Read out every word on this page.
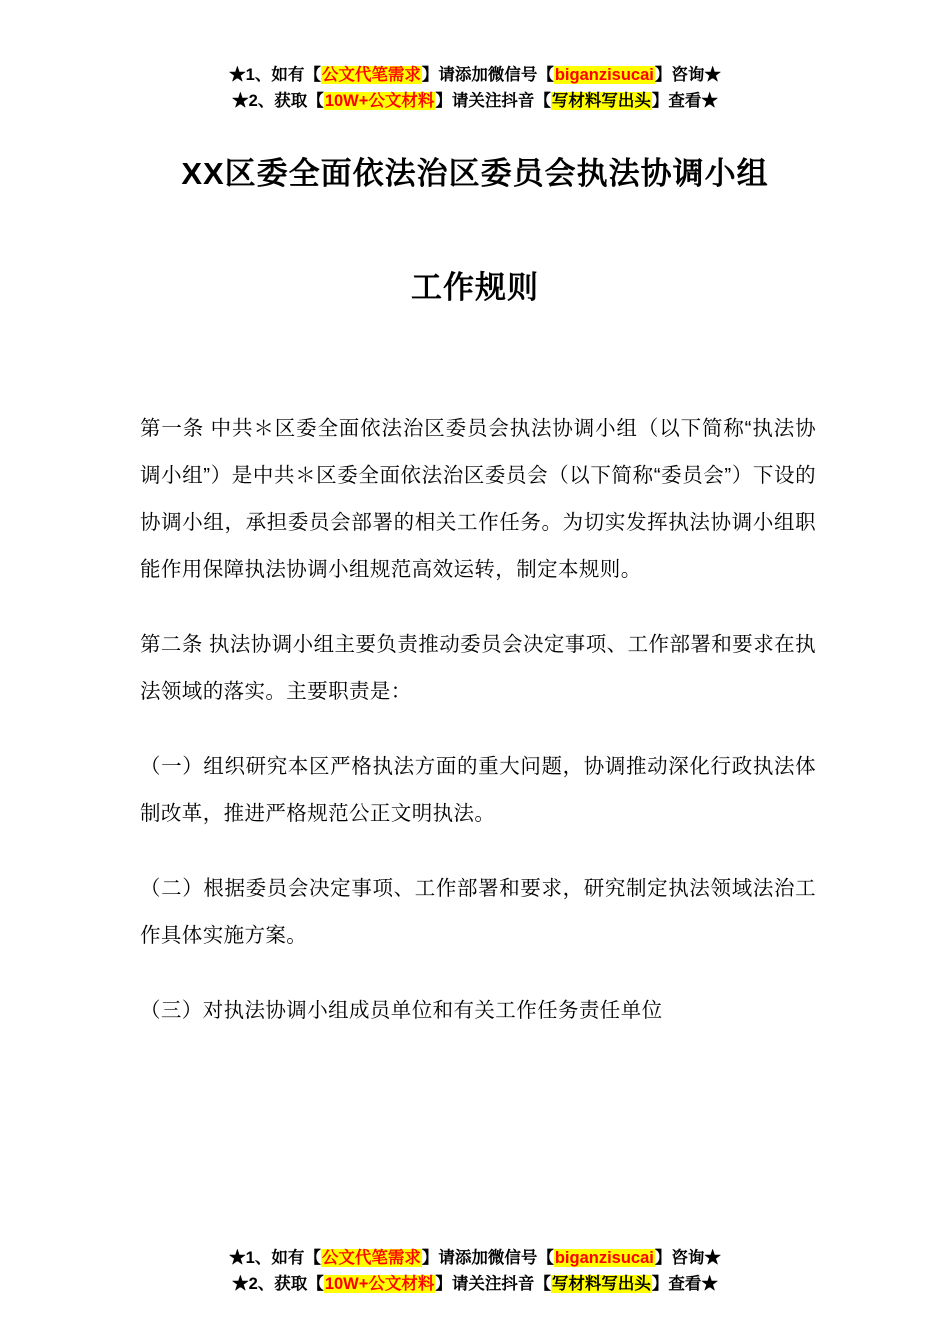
★1、如有【公文代笔需求】请添加微信号【biganzisucai】咨询★
★2、获取【10W+公文材料】请关注抖音【写材料写出头】查看★
XX区委全面依法治区委员会执法协调小组
工作规则

第一条 中共＊区委全面依法治区委员会执法协调小组（以下简称“执法协调小组”）是中共＊区委全面依法治区委员会（以下简称“委员会”）下设的协调小组，承担委员会部署的相关工作任务。为切实发挥执法协调小组职能作用保障执法协调小组规范高效运转，制定本规则。

第二条 执法协调小组主要负责推动委员会决定事项、工作部署和要求在执法领域的落实。主要职责是：

（一）组织研究本区严格执法方面的重大问题，协调推动深化行政执法体制改革，推进严格规范公正文明执法。

（二）根据委员会决定事项、工作部署和要求，研究制定执法领域法治工作具体实施方案。

（三）对执法协调小组成员单位和有关工作任务责任单位

★1、如有【公文代笔需求】请添加微信号【biganzisucai】咨询★
★2、获取【10W+公文材料】请关注抖音【写材料写出头】查看★
